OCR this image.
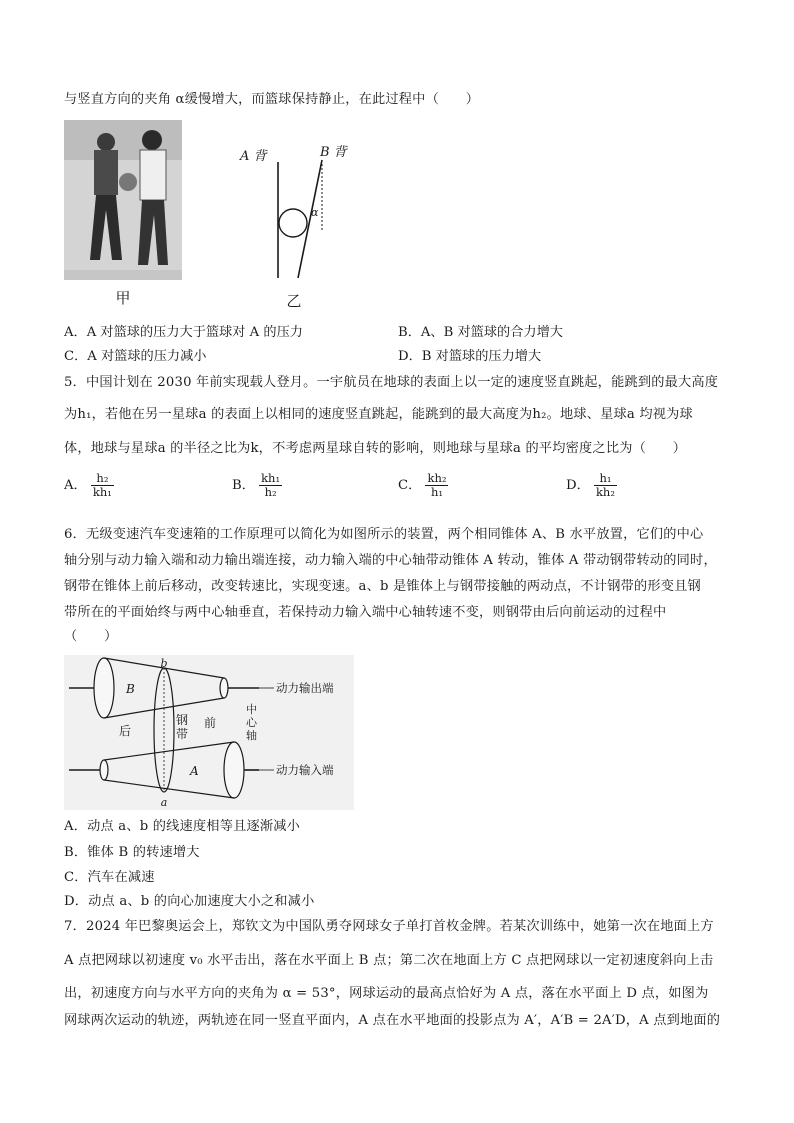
与竖直方向的夹角 α缓慢增大，而篮球保持静止，在此过程中（　　）
甲
A 背	B 背
α
乙
A．A 对篮球的压力大于篮球对 A 的压力	B．A、B 对篮球的合力增大
C．A 对篮球的压力减小	D．B 对篮球的压力增大
5．中国计划在 2030 年前实现载人登月。一宇航员在地球的表面上以一定的速度竖直跳起，能跳到的最大高度
为h₁，若他在另一星球a 的表面上以相同的速度竖直跳起，能跳到的最大高度为h₂。地球、星球a 均视为球
体，地球与星球a 的半径之比为k，不考虑两星球自转的影响，则地球与星球a 的平均密度之比为（　　）
A． $\frac{\text{h₂}}{\text{kh₁}}$	B． $\frac{\text{kh₁}}{\text{h₂}}$	C． $\frac{\text{kh₂}}{\text{h₁}}$	D． $\frac{\text{h₁}}{\text{kh₂}}$
6．无级变速汽车变速箱的工作原理可以简化为如图所示的装置，两个相同锥体 A、B 水平放置，它们的中心
轴分别与动力输入端和动力输出端连接，动力输入端的中心轴带动锥体 A 转动，锥体 A 带动钢带转动的同时，
钢带在锥体上前后移动，改变转速比，实现变速。a、b 是锥体上与钢带接触的两动点，不计钢带的形变且钢
带所在的平面始终与两中心轴垂直，若保持动力输入端中心轴转速不变，则钢带由后向前运动的过程中
（　　）
b
a
B
A
后
前
动力输出端
动力输入端
钢带
中心轴
A．动点 a、b 的线速度相等且逐渐减小
B．锥体 B 的转速增大
C．汽车在减速
D．动点 a、b 的向心加速度大小之和减小
7．2024 年巴黎奥运会上，郑钦文为中国队勇夺网球女子单打首枚金牌。若某次训练中，她第一次在地面上方
A 点把网球以初速度 v₀ 水平击出，落在水平面上 B 点；第二次在地面上方 C 点把网球以一定初速度斜向上击
出，初速度方向与水平方向的夹角为 α = 53°，网球运动的最高点恰好为 A 点，落在水平面上 D 点，如图为
网球两次运动的轨迹，两轨迹在同一竖直平面内，A 点在水平地面的投影点为 A′，A′B = 2A′D，A 点到地面的
